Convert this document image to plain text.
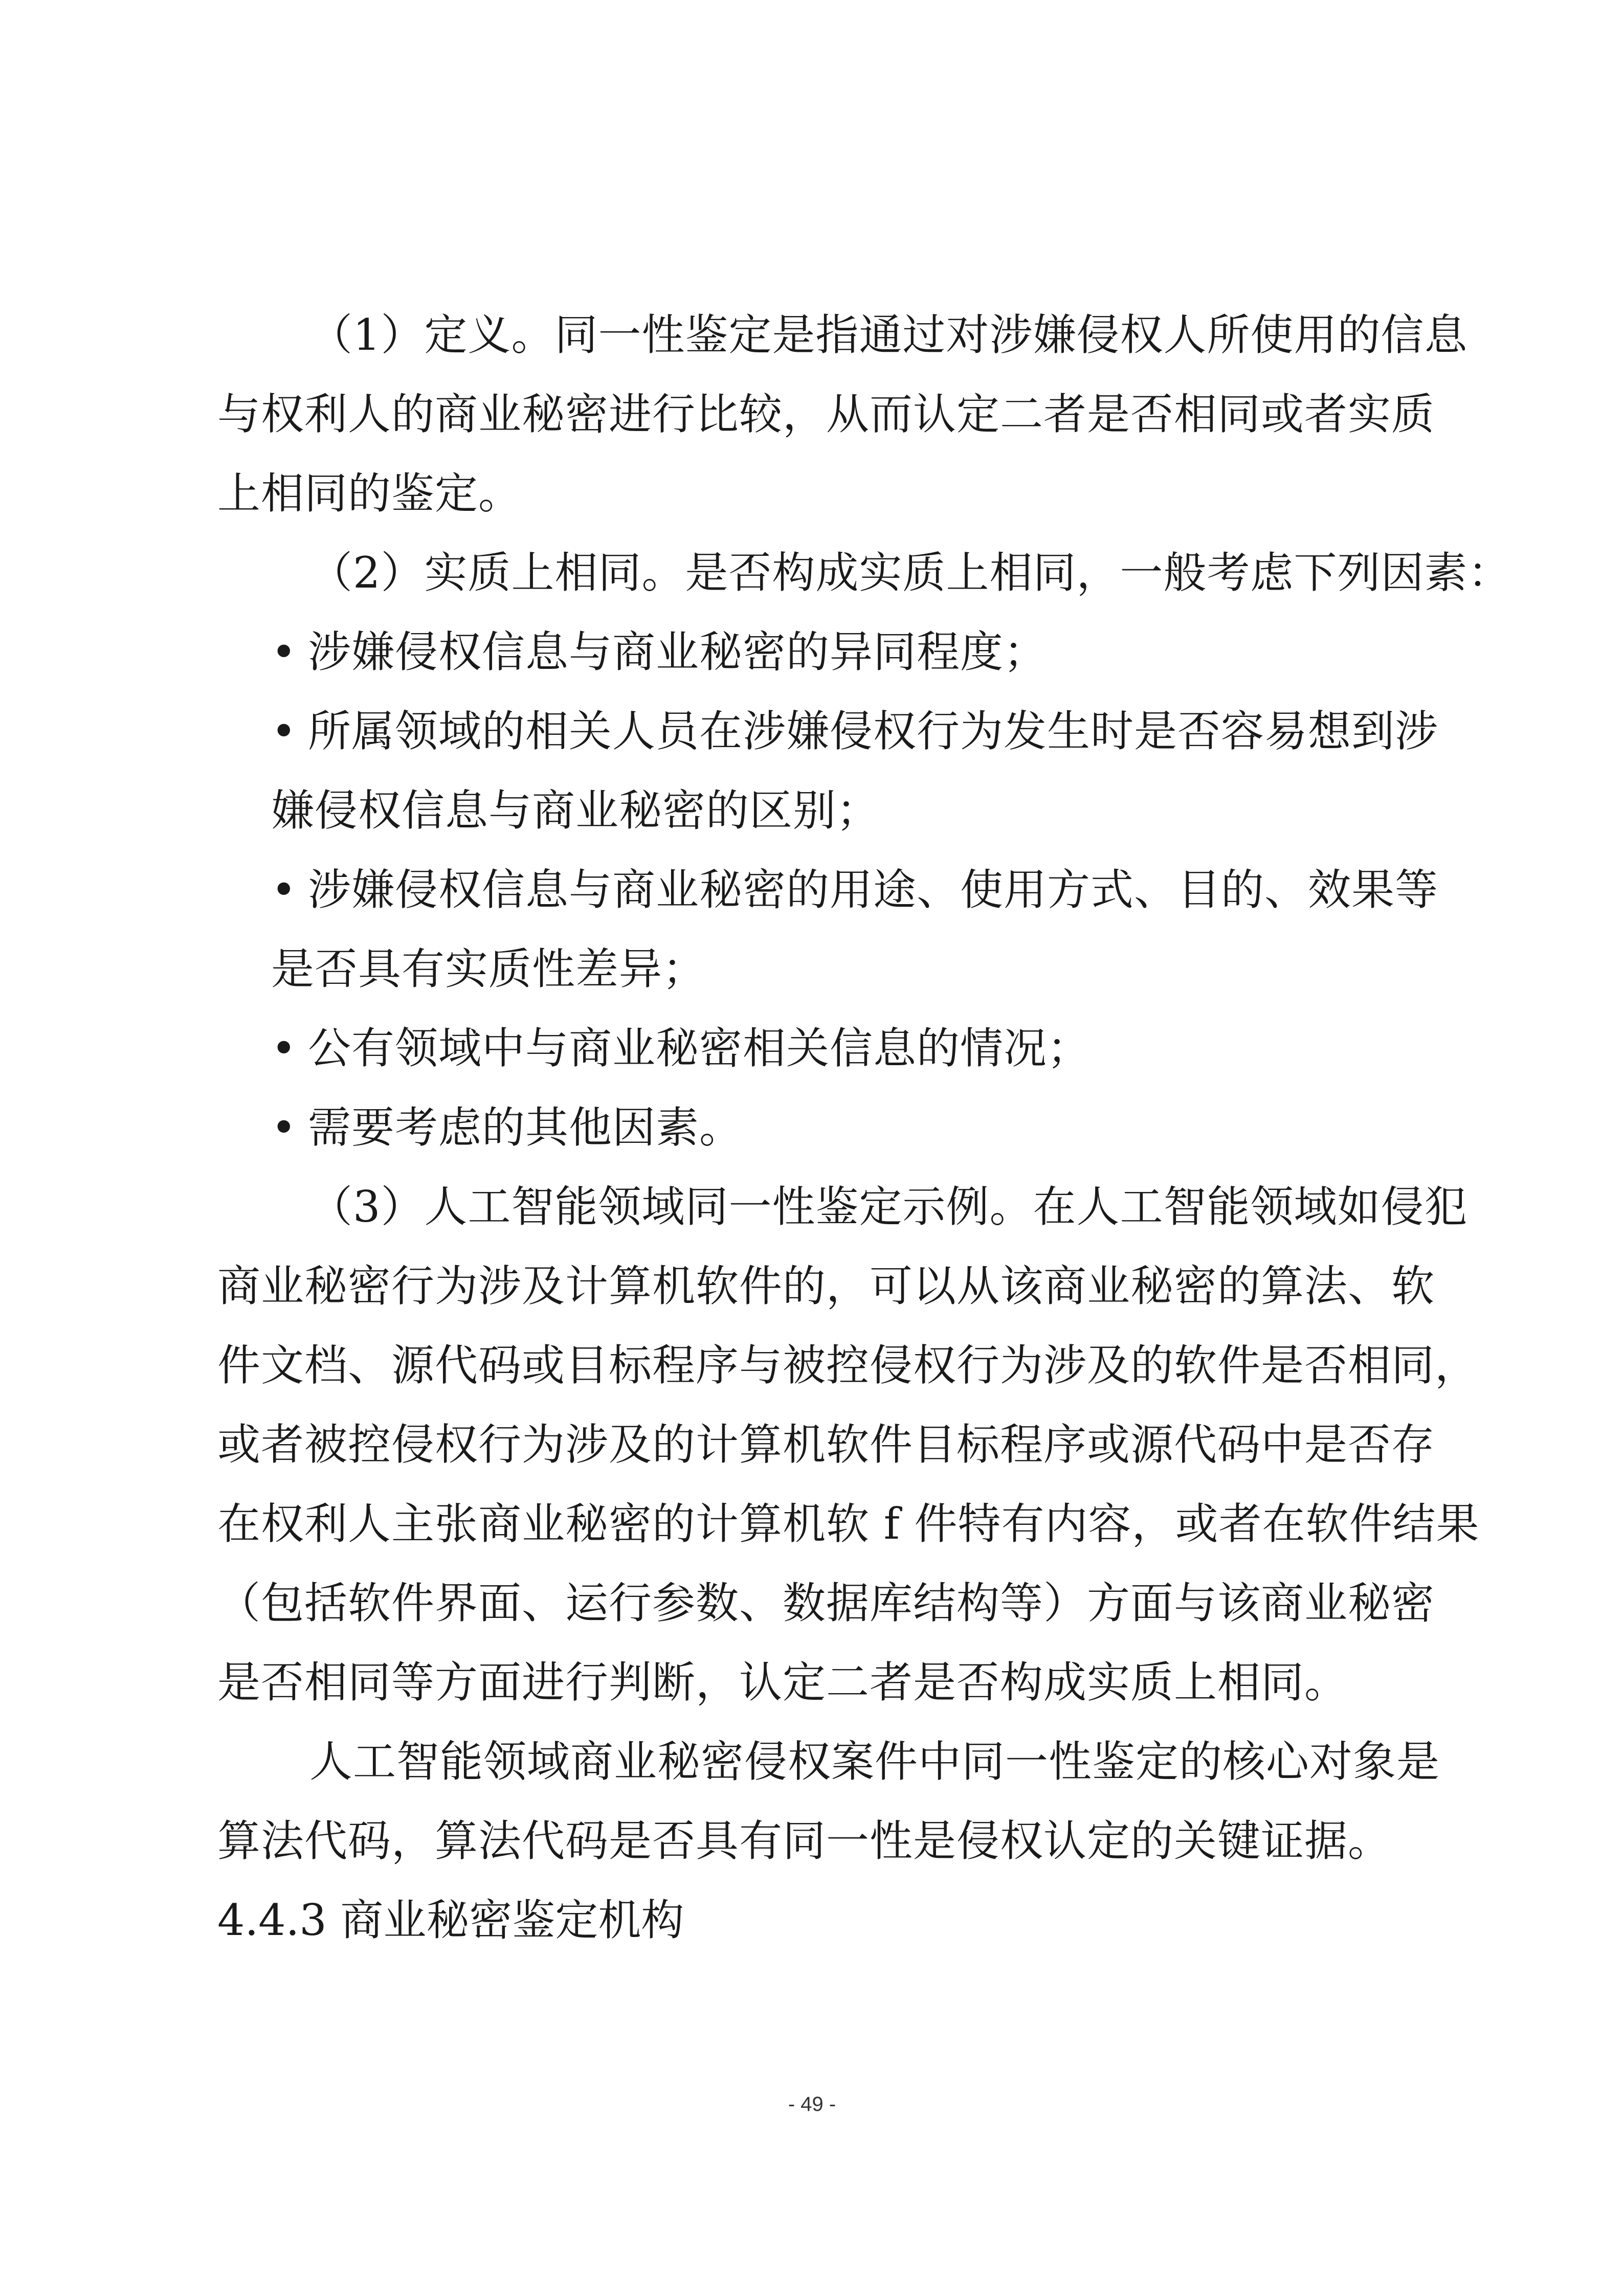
（1）定义。同一性鉴定是指通过对涉嫌侵权人所使用的信息
与权利人的商业秘密进行比较，从而认定二者是否相同或者实质
上相同的鉴定。
（2）实质上相同。是否构成实质上相同，一般考虑下列因素：
• 涉嫌侵权信息与商业秘密的异同程度；
• 所属领域的相关人员在涉嫌侵权行为发生时是否容易想到涉
嫌侵权信息与商业秘密的区别；
• 涉嫌侵权信息与商业秘密的用途、使用方式、目的、效果等
是否具有实质性差异；
• 公有领域中与商业秘密相关信息的情况；
• 需要考虑的其他因素。
（3）人工智能领域同一性鉴定示例。在人工智能领域如侵犯
商业秘密行为涉及计算机软件的，可以从该商业秘密的算法、软
件文档、源代码或目标程序与被控侵权行为涉及的软件是否相同，
或者被控侵权行为涉及的计算机软件目标程序或源代码中是否存
在权利人主张商业秘密的计算机软 f 件特有内容，或者在软件结果
（包括软件界面、运行参数、数据库结构等）方面与该商业秘密
是否相同等方面进行判断，认定二者是否构成实质上相同。
人工智能领域商业秘密侵权案件中同一性鉴定的核心对象是
算法代码，算法代码是否具有同一性是侵权认定的关键证据。
4.4.3 商业秘密鉴定机构
- 49 -
